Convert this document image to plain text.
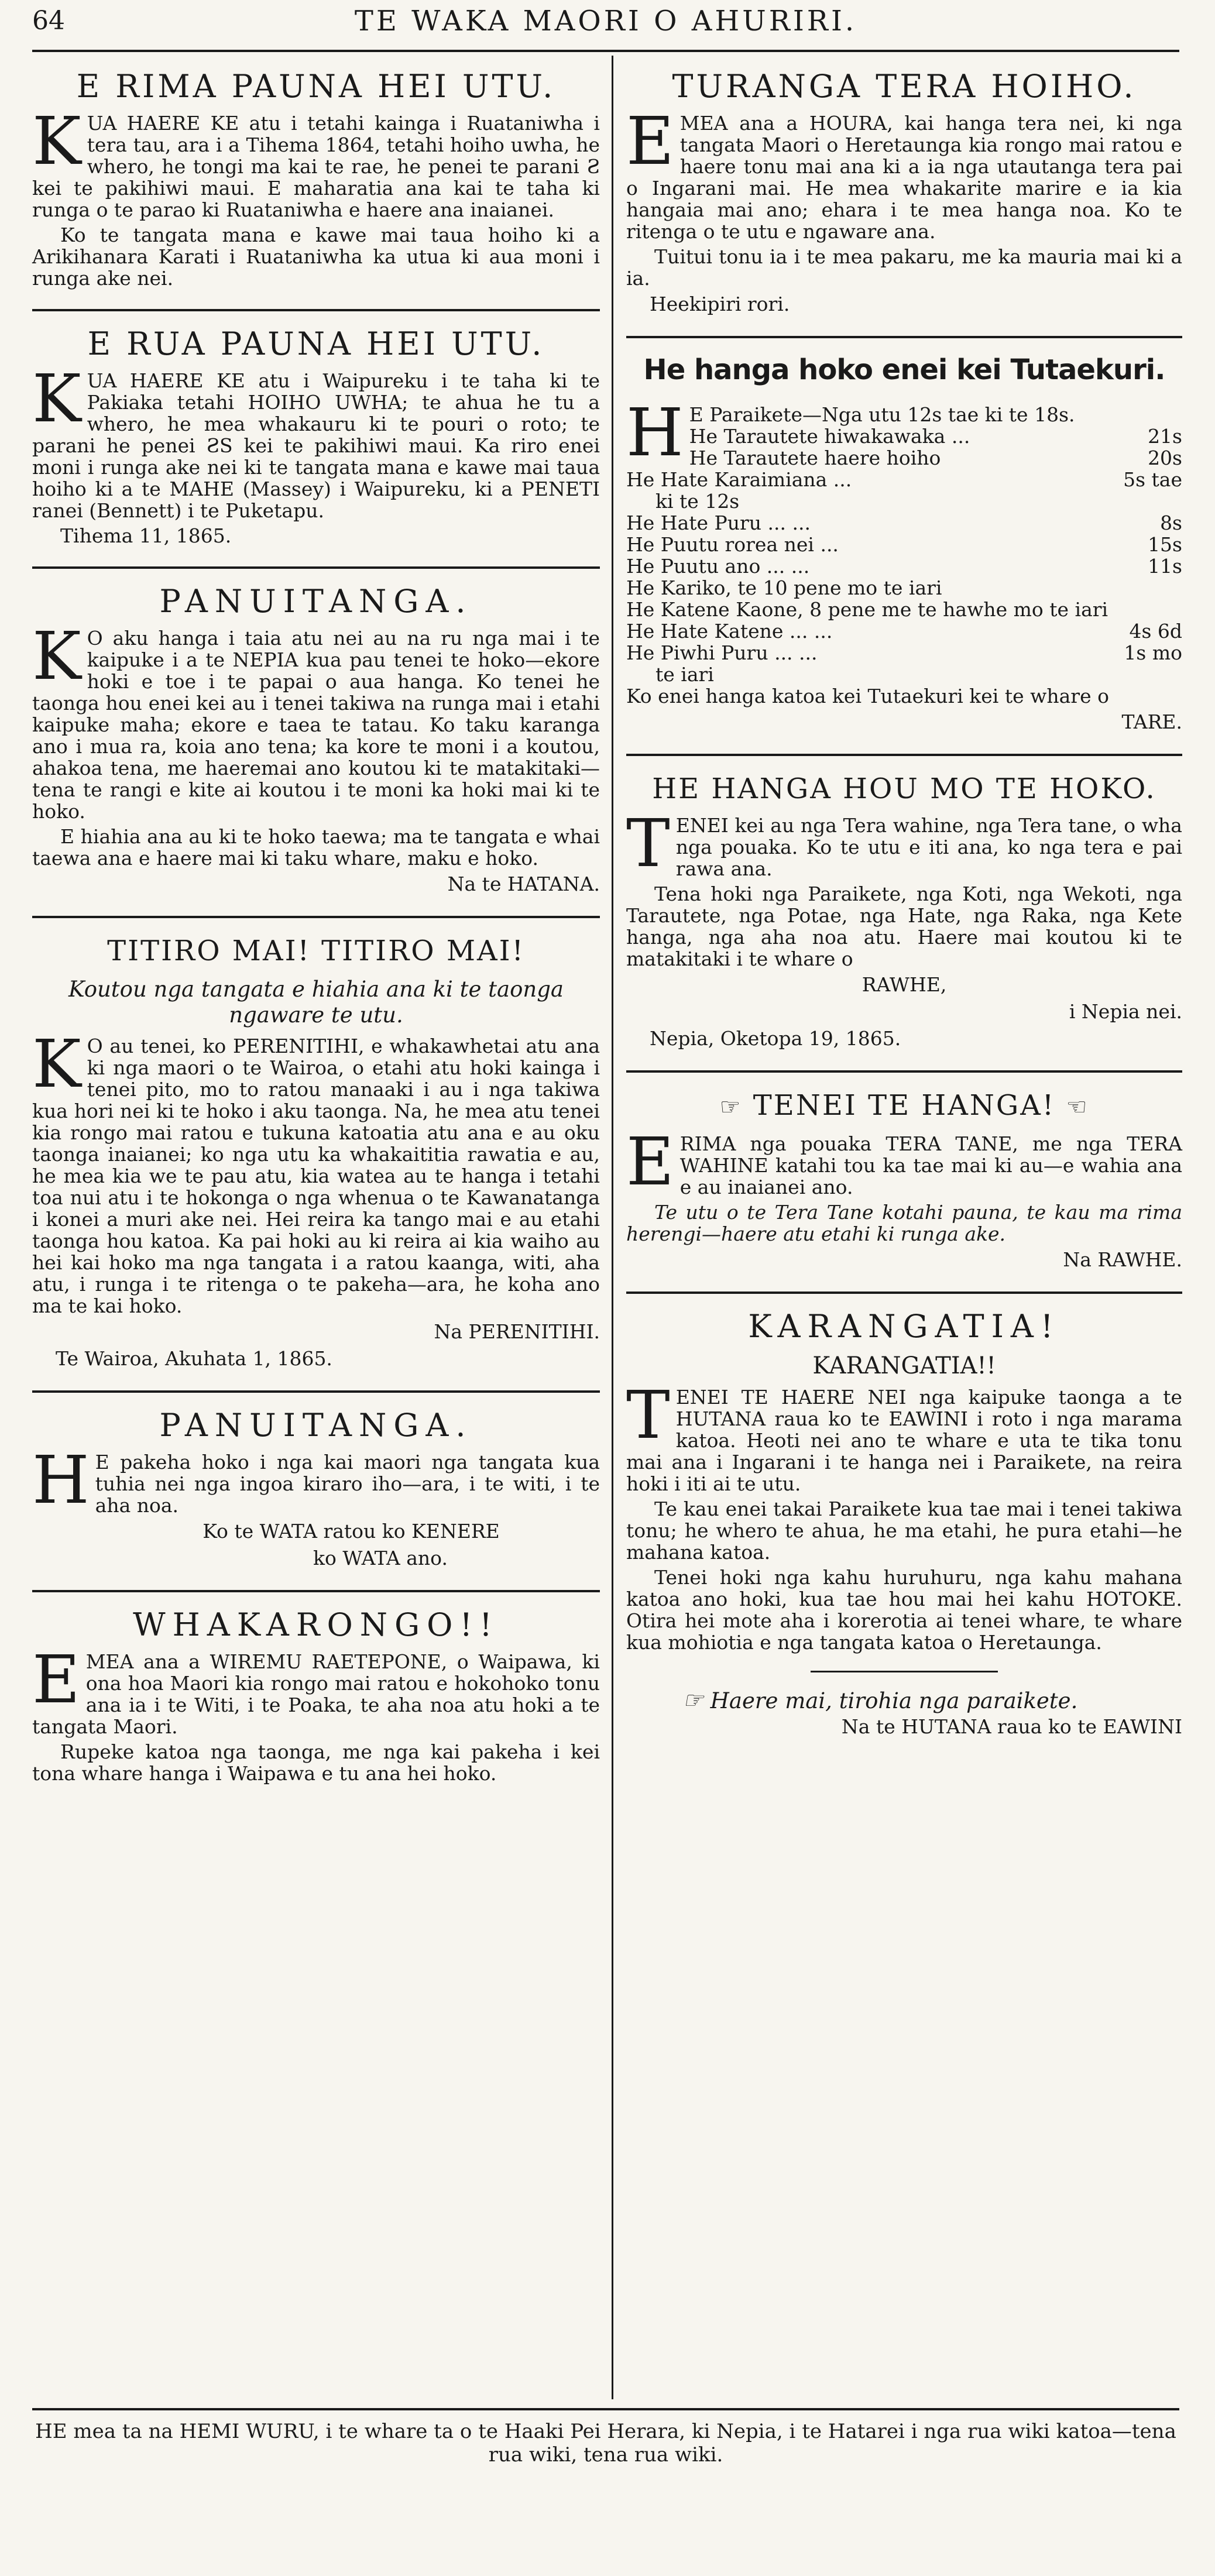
64	TE WAKA MAORI O AHURIRI.
E RIMA PAUNA HEI UTU.

KUA HAERE KE atu i tetahi kainga i Ruataniwha i tera tau, ara i a Tihema 1864, tetahi hoiho uwha, he whero, he tongi ma kai te rae, he penei te parani Ƨ kei te pakihiwi maui. E maharatia ana kai te taha ki runga o te parao ki Ruataniwha e haere ana inaianei.

Ko te tangata mana e kawe mai taua hoiho ki a Arikihanara Karati i Ruataniwha ka utua ki aua moni i runga ake nei.

E RUA PAUNA HEI UTU.

KUA HAERE KE atu i Waipureku i te taha ki te Pakiaka tetahi HOIHO UWHA; te ahua he tu a whero, he mea whakauru ki te pouri o roto; te parani he penei ƧS kei te pakihiwi maui. Ka riro enei moni i runga ake nei ki te tangata mana e kawe mai taua hoiho ki a te MAHE (Massey) i Waipureku, ki a PENETI ranei (Bennett) i te Puketapu.

Tihema 11, 1865.

PANUITANGA.

K O aku hanga i taia atu nei au na ru nga mai i te kaipuke i a te NEPIA kua pau tenei te hoko—ekore hoki e toe i te papai o aua hanga. Ko tenei he taonga hou enei kei au i tenei takiwa na runga mai i etahi kaipuke maha; ekore e taea te tatau. Ko taku karanga ano i mua ra, koia ano tena; ka kore te moni i a koutou, ahakoa tena, me haeremai ano koutou ki te matakitaki—tena te rangi e kite ai koutou i te moni ka hoki mai ki te hoko.

E hiahia ana au ki te hoko taewa; ma te tangata e whai taewa ana e haere mai ki taku whare, maku e hoko.

Na te HATANA.
TITIRO MAI! TITIRO MAI!
Koutou nga tangata e hiahia ana ki te taonga ngaware te utu.

K O au tenei, ko PERENITIHI, e whakawhetai atu ana ki nga maori o te Wairoa, o etahi atu hoki kainga i tenei pito, mo to ratou manaaki i au i nga takiwa kua hori nei ki te hoko i aku taonga. Na, he mea atu tenei kia rongo mai ratou e tukuna katoatia atu ana e au oku taonga inaianei; ko nga utu ka whakaititia rawatia e au, he mea kia we te pau atu, kia watea au te hanga i tetahi toa nui atu i te hokonga o nga whenua o te Kawanatanga i konei a muri ake nei. Hei reira ka tango mai e au etahi taonga hou katoa. Ka pai hoki au ki reira ai kia waiho au hei kai hoko ma nga tangata i a ratou kaanga, witi, aha atu, i runga i te ritenga o te pakeha—ara, he koha ano ma te kai hoko.

Na PERENITIHI.
Te Wairoa, Akuhata 1, 1865.
PANUITANGA.

H E pakeha hoko i nga kai maori nga tangata kua tuhia nei nga ingoa kiraro iho—ara, i te witi, i te aha noa.

Ko te WATA ratou ko KENERE
ko WATA ano.
WHAKARONGO!!

EMEA ana a WIREMU RAETEPONE, o Waipawa, ki ona hoa Maori kia rongo mai ratou e hokohoko tonu ana ia i te Witi, i te Poaka, te aha noa atu hoki a te tangata Maori.

Rupeke katoa nga taonga, me nga kai pakeha i kei tona whare hanga i Waipawa e tu ana hei hoko.

TURANGA TERA HOIHO.

EMEA ana a HOURA, kai hanga tera nei, ki nga tangata Maori o Heretaunga kia rongo mai ratou e haere tonu mai ana ki a ia nga utautanga tera pai o Ingarani mai. He mea whakarite marire e ia kia hangaia mai ano; ehara i te mea hanga noa. Ko te ritenga o te utu e ngaware ana.

Tuitui tonu ia i te mea pakaru, me ka mauria mai ki a ia.

Heekipiri rori.
He hanga hoko enei kei Tutaekuri.
H E Paraikete—Nga utu 12s tae ki te 18s.
He Tarautete hiwakawaka ...	21s
He Tarautete haere hoiho	20s
He Hate Karaimiana ...	5s tae
ki te 12s
He Hate Puru ... ...	8s
He Puutu rorea nei ...	15s
He Puutu ano ... ...	11s
He Kariko, te 10 pene mo te iari
He Katene Kaone, 8 pene me te hawhe mo te iari
He Hate Katene ... ...	4s 6d
He Piwhi Puru ... ...	1s mo
te iari

Ko enei hanga katoa kei Tutaekuri kei te whare o

TARE.
HE HANGA HOU MO TE HOKO.

TENEI kei au nga Tera wahine, nga Tera tane, o wha nga pouaka. Ko te utu e iti ana, ko nga tera e pai rawa ana.

Tena hoki nga Paraikete, nga Koti, nga Wekoti, nga Tarautete, nga Potae, nga Hate, nga Raka, nga Kete hanga, nga aha noa atu. Haere mai koutou ki te matakitaki i te whare o

RAWHE,
i Nepia nei.
Nepia, Oketopa 19, 1865.
☞ TENEI TE HANGA! ☜

ERIMA nga pouaka TERA TANE, me nga TERA WAHINE katahi tou ka tae mai ki au—e wahia ana e au inaianei ano.

Te utu o te Tera Tane kotahi pauna, te kau ma rima herengi—haere atu etahi ki runga ake.

Na RAWHE.
KARANGATIA!
KARANGATIA!!

TENEI TE HAERE NEI nga kaipuke taonga a te HUTANA raua ko te EAWINI i roto i nga marama katoa. Heoti nei ano te whare e uta te tika tonu mai ana i Ingarani i te hanga nei i Paraikete, na reira hoki i iti ai te utu.

Te kau enei takai Paraikete kua tae mai i tenei takiwa tonu; he whero te ahua, he ma etahi, he pura etahi—he mahana katoa.

Tenei hoki nga kahu huruhuru, nga kahu mahana katoa ano hoki, kua tae hou mai hei kahu HOTOKE. Otira hei mote aha i korerotia ai tenei whare, te whare kua mohiotia e nga tangata katoa o Heretaunga.

☞ Haere mai, tirohia nga paraikete.

Na te HUTANA raua ko te EAWINI
HE mea ta na HEMI WURU, i te whare ta o te Haaki Pei Herara, ki Nepia, i te Hatarei i nga rua wiki katoa—tena rua wiki, tena rua wiki.
